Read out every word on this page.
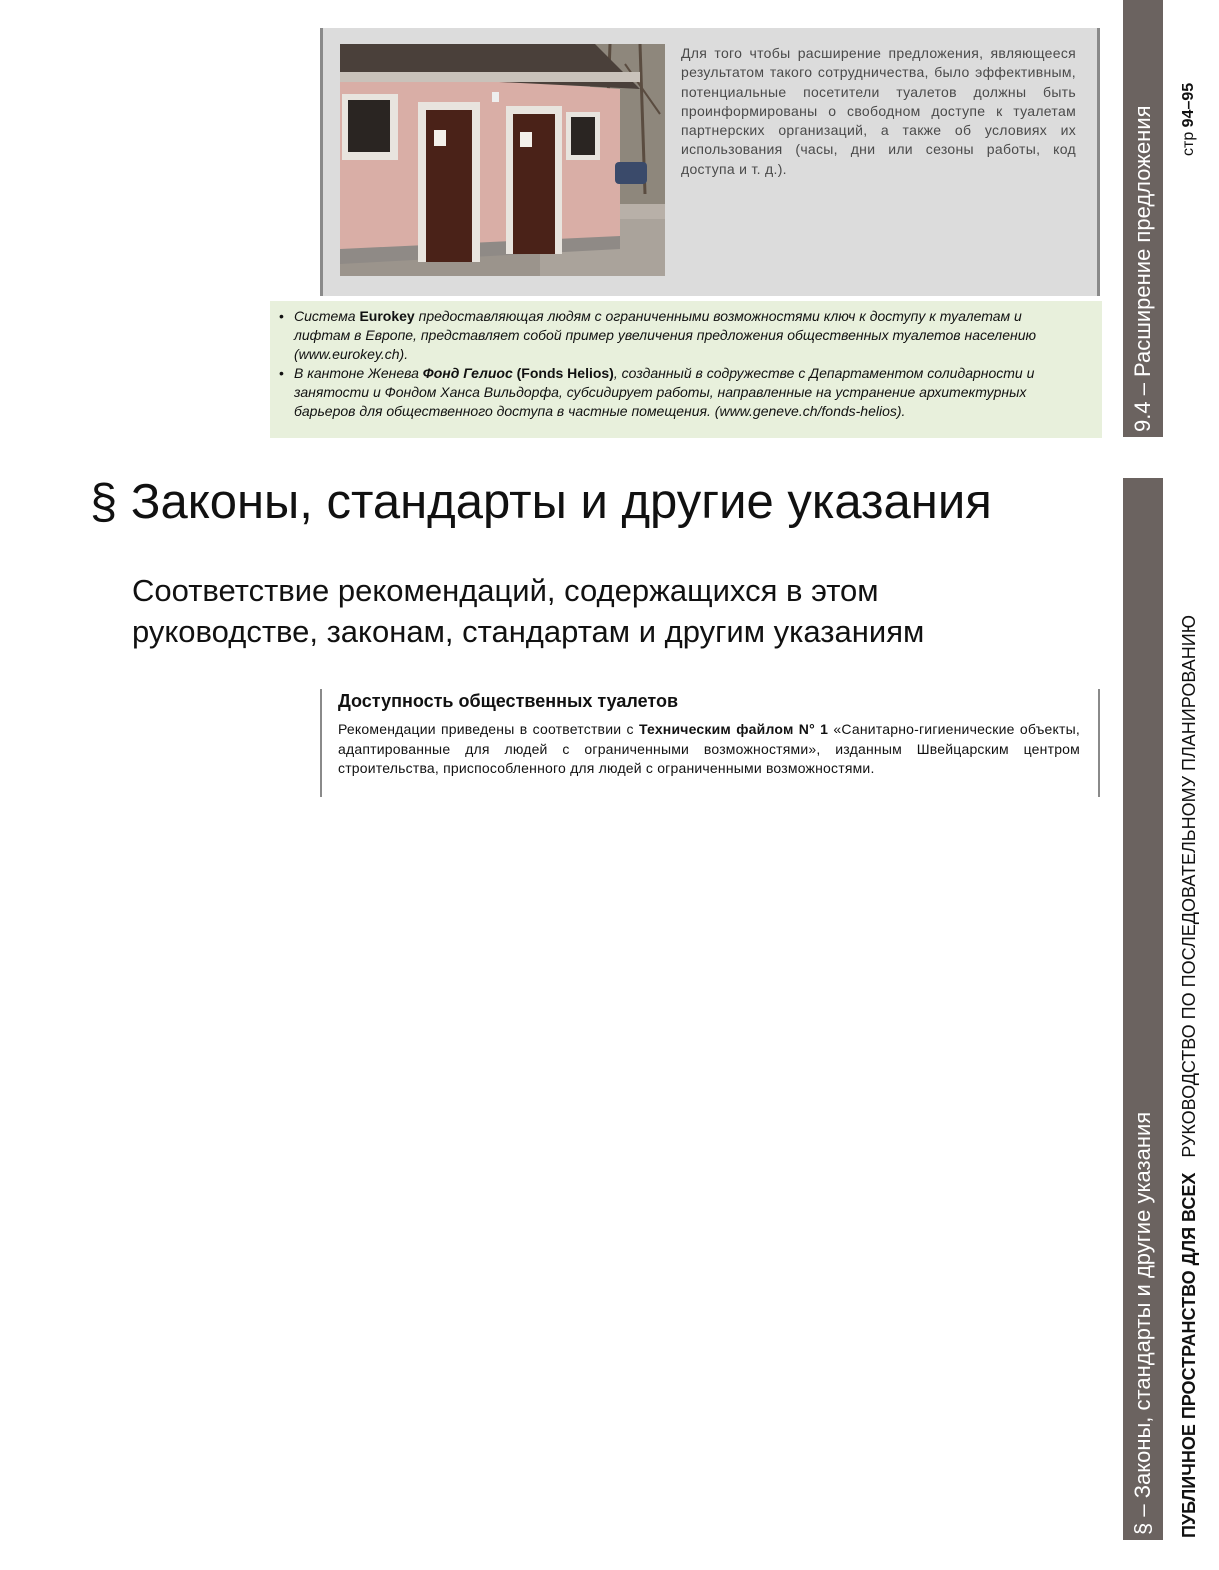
Для того чтобы расширение предложения, являющееся результатом такого сотрудничества, было эффективным, потенциальные посетители туалетов должны быть проинформированы о свободном доступе к туалетам партнерских организаций, а также об условиях их использования (часы, дни или сезоны работы, код доступа и т. д.).
• Система Eurokey предоставляющая людям с ограниченными возможностями ключ к доступу к туалетам и лифтам в Европе, представляет собой пример увеличения предложения общественных туалетов населению (www.eurokey.ch).
• В кантоне Женева Фонд Гелиос (Fonds Helios), созданный в содружестве с Департаментом солидарности и занятости и Фондом Ханса Вильдорфа, субсидирует работы, направленные на устранение архитектурных барьеров для общественного доступа в частные помещения. (www.geneve.ch/fonds-helios).
§ Законы, стандарты и другие указания
Соответствие рекомендаций, содержащихся в этом руководстве, законам, стандартам и другим указаниям
Доступность общественных туалетов
Рекомендации приведены в соответствии с Техническим файлом N° 1 «Санитарно-гигиенические объекты, адаптированные для людей с ограниченными возможностями», изданным Швейцарским центром строительства, приспособленного для людей с ограниченными возможностями.
9.4 – Расширение предложения стр 94–95
§ – Законы, стандарты и другие указания ПУБЛИЧНОЕ ПРОСТРАНСТВО ДЛЯ ВСЕХ   РУКОВОДСТВО ПО ПОСЛЕДОВАТЕЛЬНОМУ ПЛАНИРОВАНИЮ
